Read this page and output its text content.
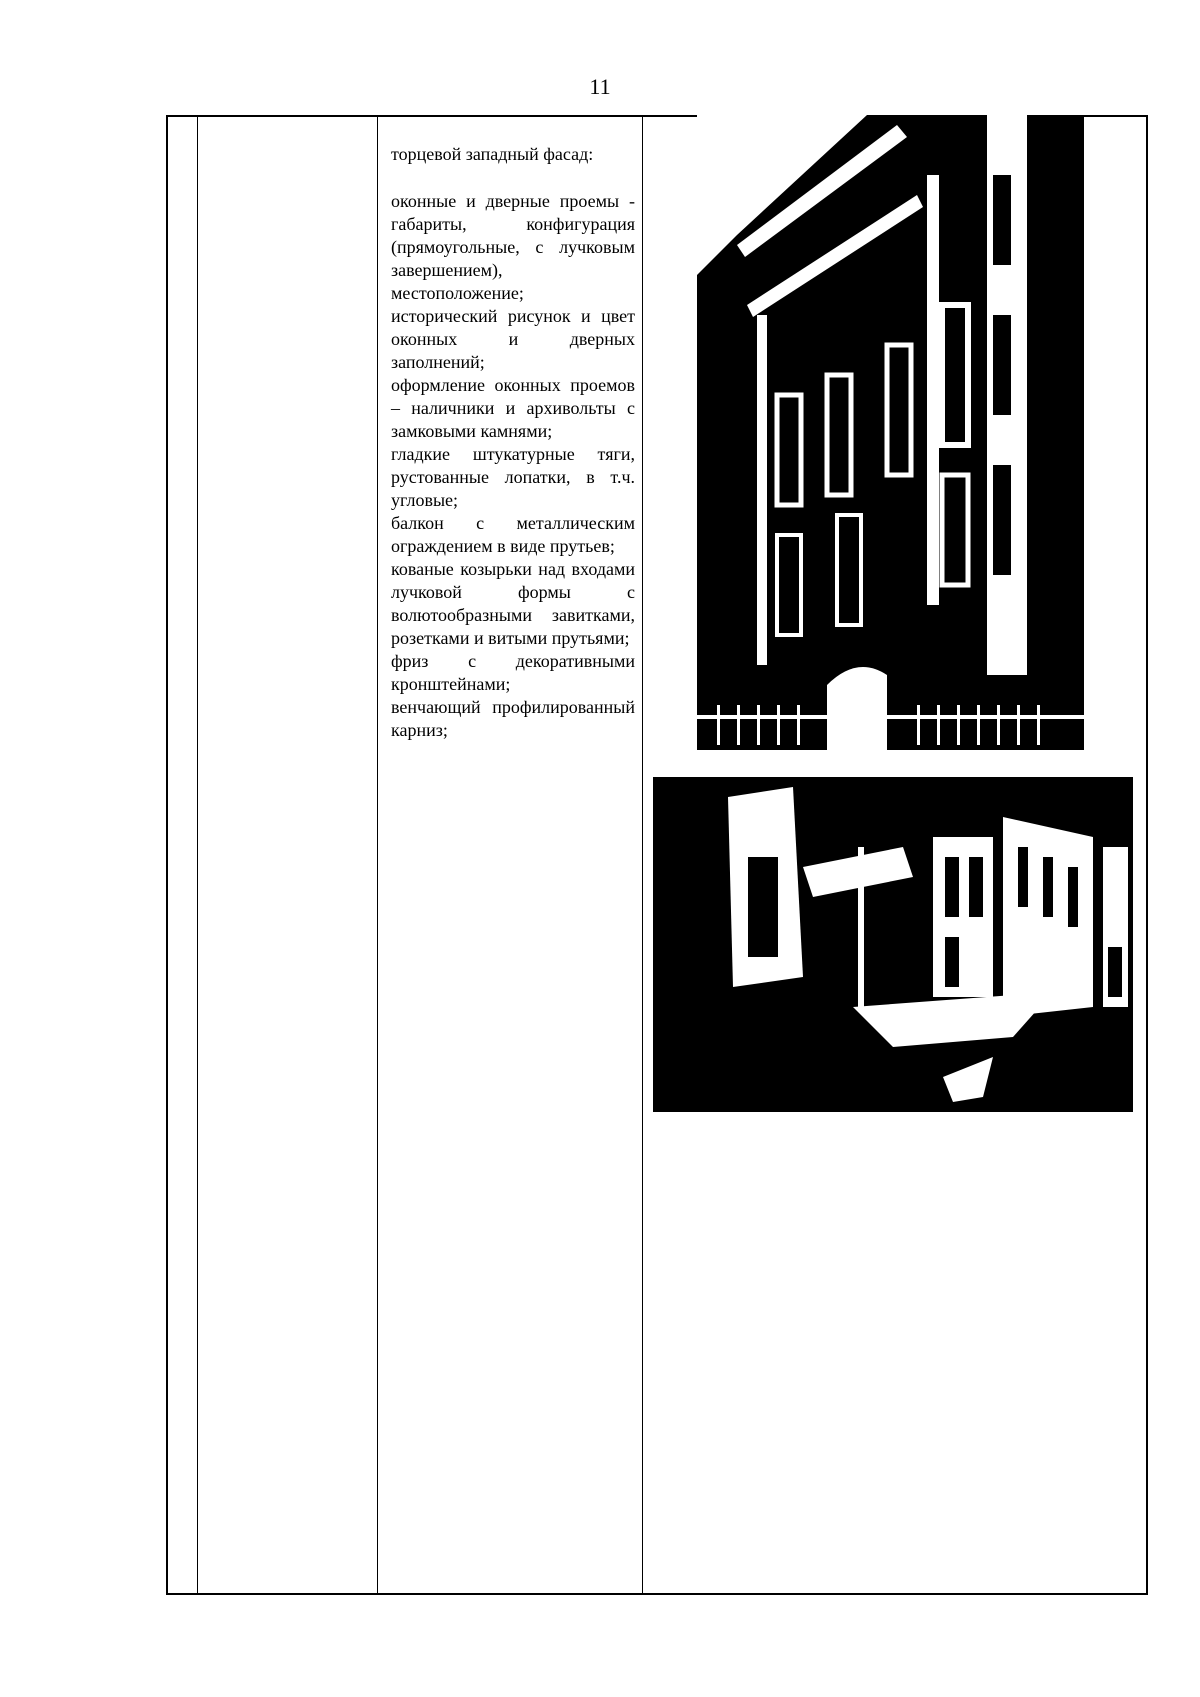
11

торцевой западный фасад:

оконные и дверные проемы - габариты, конфигурация (прямоугольные, с лучковым завершением), местоположение;

исторический рисунок и цвет оконных и дверных заполнений;

оформление оконных проемов – наличники и архивольты с замковыми камнями;

гладкие штукатурные тяги, рустованные лопатки, в т.ч. угловые;

балкон с металлическим ограждением в виде прутьев;

кованые козырьки над входами лучковой формы с волютообразными завитками, розетками и витыми прутьями;

фриз с декоративными кронштейнами;

венчающий профилированный карниз;
